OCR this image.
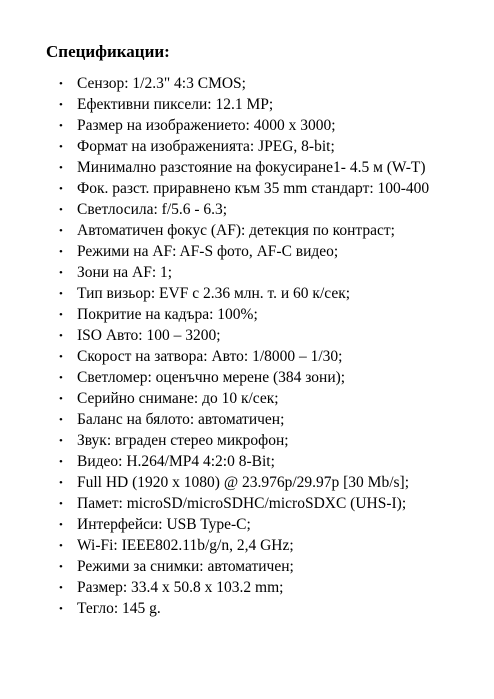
Спецификации:
• Сензор: 1/2.3" 4:3 CMOS;
• Ефективни пиксели: 12.1 MP;
• Размер на изображението: 4000 x 3000;
• Формат на изображенията: JPEG, 8-bit;
• Минимално разстояние на фокусиране1- 4.5 м (W-T)
• Фок. разст. приравнено към 35 mm стандарт: 100-400
• Светлосила: f/5.6 - 6.3;
• Автоматичен фокус (AF): детекция по контраст;
• Режими на AF: AF-S фото, AF-C видео;
• Зони на AF: 1;
• Тип визьор: EVF с 2.36 млн. т. и 60 к/сек;
• Покритие на кадъра: 100%;
• ISO Авто: 100 – 3200;
• Скорост на затвора: Авто: 1/8000 – 1/30;
• Светломер: оценъчно мерене (384 зони);
• Серийно снимане: до 10 к/сек;
• Баланс на бялото: автоматичен;
• Звук: вграден стерео микрофон;
• Видео: H.264/MP4 4:2:0 8-Bit;
• Full HD (1920 x 1080) @ 23.976p/29.97p [30 Mb/s];
• Памет: microSD/microSDHC/microSDXC (UHS-I);
• Интерфейси: USB Type-C;
• Wi-Fi: IEEE802.11b/g/n, 2,4 GHz;
• Режими за снимки: автоматичен;
• Размер: 33.4 x 50.8 x 103.2 mm;
• Тегло: 145 g.
